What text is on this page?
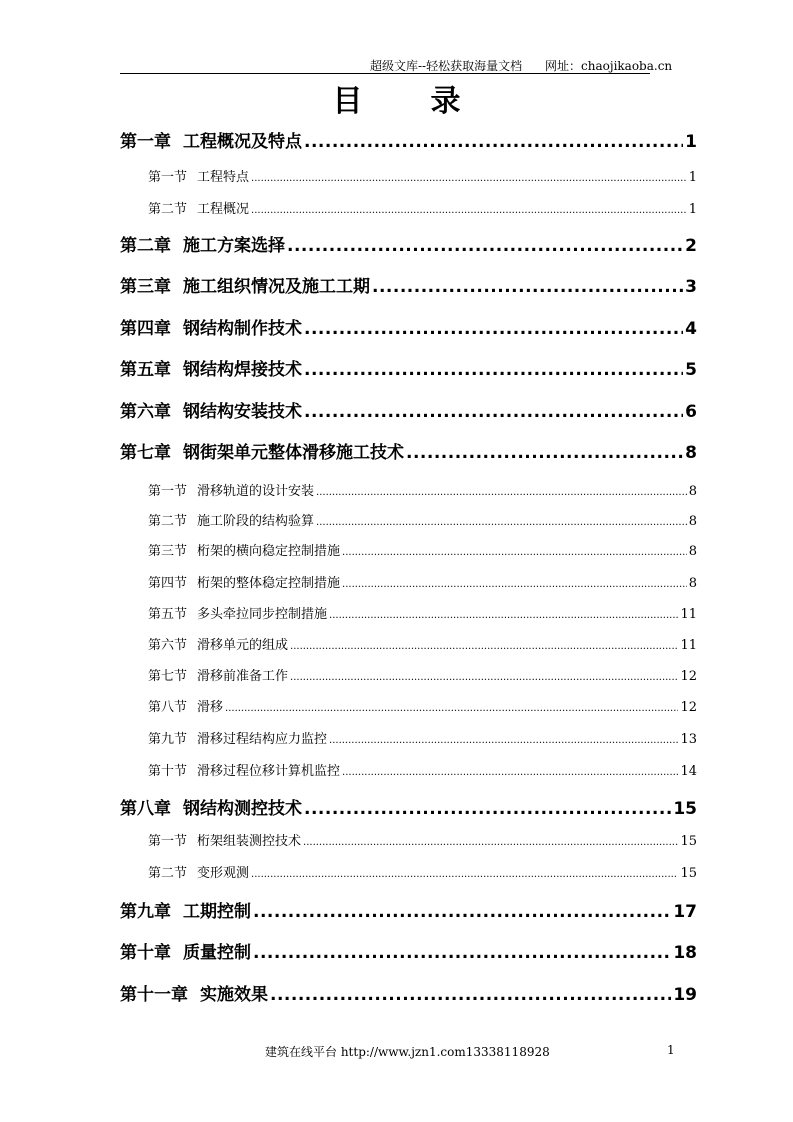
超级文库--轻松获取海量文档 网址：chaojikaoba.cn
目 录
第一章 工程概况及特点 .....	1
第一节 工程特点 .....	1
第二节 工程概况 .....	1
第二章 施工方案选择 .....	2
第三章 施工组织情况及施工工期 .....	3
第四章 钢结构制作技术 .....	4
第五章 钢结构焊接技术 .....	5
第六章 钢结构安装技术 .....	6
第七章 钢街架单元整体滑移施工技术 .....	8
第一节 滑移轨道的设计安装 .....	8
第二节 施工阶段的结构验算 .....	8
第三节 桁架的横向稳定控制措施 .....	8
第四节 桁架的整体稳定控制措施 .....	8
第五节 多头牵拉同步控制措施 .....	11
第六节 滑移单元的组成 .....	11
第七节 滑移前准备工作 .....	12
第八节 滑移 .....	12
第九节 滑移过程结构应力监控 .....	13
第十节 滑移过程位移计算机监控 .....	14
第八章 钢结构测控技术 .....	15
第一节 桁架组装测控技术 .....	15
第二节 变形观测 .....	15
第九章 工期控制 .....	17
第十章 质量控制 .....	18
第十一章 实施效果 .....	19
建筑在线平台 http://www.jzn1.com13338118928	1
